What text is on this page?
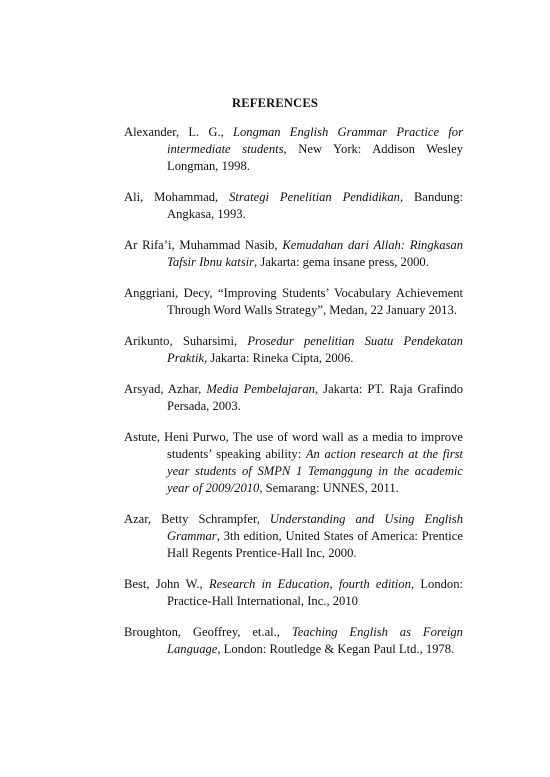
REFERENCES

Alexander, L. G., Longman English Grammar Practice for intermediate students, New York: Addison Wesley Longman, 1998.

Ali, Mohammad, Strategi Penelitian Pendidikan, Bandung: Angkasa, 1993.

Ar Rifa’i, Muhammad Nasib, Kemudahan dari Allah: Ringkasan Tafsir Ibnu katsir, Jakarta: gema insane press, 2000.

Anggriani, Decy, “Improving Students’ Vocabulary Achievement Through Word Walls Strategy”, Medan, 22 January 2013.

Arikunto, Suharsimi, Prosedur penelitian Suatu Pendekatan Praktik, Jakarta: Rineka Cipta, 2006.

Arsyad, Azhar, Media Pembelajaran, Jakarta: PT. Raja Grafindo Persada, 2003.

Astute, Heni Purwo, The use of word wall as a media to improve students’ speaking ability: An action research at the first year students of SMPN 1 Temanggung in the academic year of 2009/2010, Semarang: UNNES, 2011.

Azar, Betty Schrampfer, Understanding and Using English Grammar, 3th edition, United States of America: Prentice Hall Regents Prentice-Hall Inc, 2000.

Best, John W., Research in Education, fourth edition, London: Practice-Hall International, Inc., 2010

Broughton, Geoffrey, et.al., Teaching English as Foreign Language, London: Routledge & Kegan Paul Ltd., 1978.
